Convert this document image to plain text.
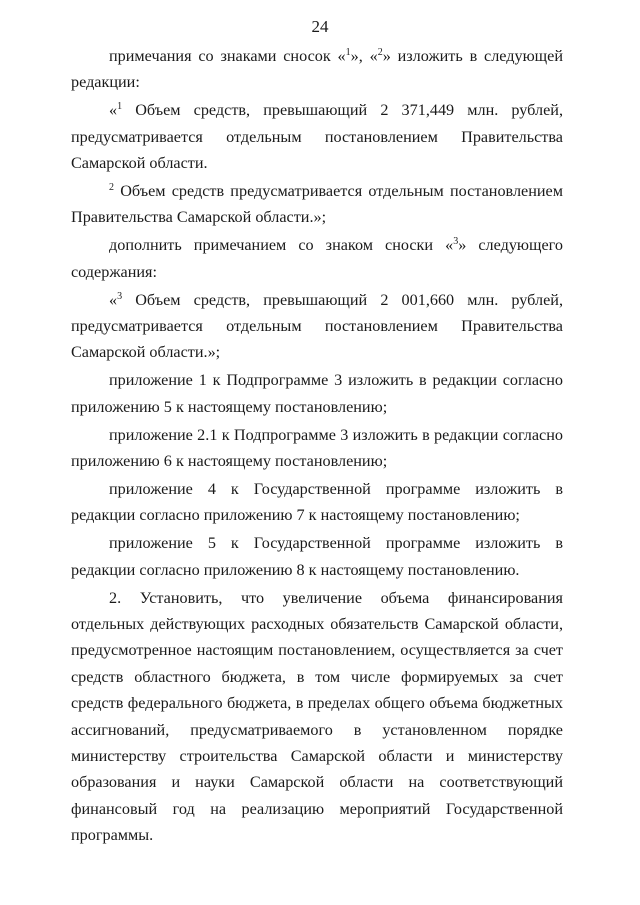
24

примечания со знаками сносок «$^1$», «$^2$» изложить в следующей редакции:

«$^1$ Объем средств, превышающий 2 371,449 млн. рублей, предусматривается отдельным постановлением Правительства Самарской области.

$^2$ Объем средств предусматривается отдельным постановлением Правительства Самарской области.»;

дополнить примечанием со знаком сноски «$^3$» следующего содержания:

«$^3$ Объем средств, превышающий 2 001,660 млн. рублей, предусматривается отдельным постановлением Правительства Самарской области.»;

приложение 1 к Подпрограмме 3 изложить в редакции согласно приложению 5 к настоящему постановлению;

приложение 2.1 к Подпрограмме 3 изложить в редакции согласно приложению 6 к настоящему постановлению;

приложение 4 к Государственной программе изложить в редакции согласно приложению 7 к настоящему постановлению;

приложение 5 к Государственной программе изложить в редакции согласно приложению 8 к настоящему постановлению.

2. Установить, что увеличение объема финансирования отдельных действующих расходных обязательств Самарской области, предусмотренное настоящим постановлением, осуществляется за счет средств областного бюджета, в том числе формируемых за счет средств федерального бюджета, в пределах общего объема бюджетных ассигнований, предусматриваемого в установленном порядке министерству строительства Самарской области и министерству образования и науки Самарской области на соответствующий финансовый год на реализацию мероприятий Государственной программы.
